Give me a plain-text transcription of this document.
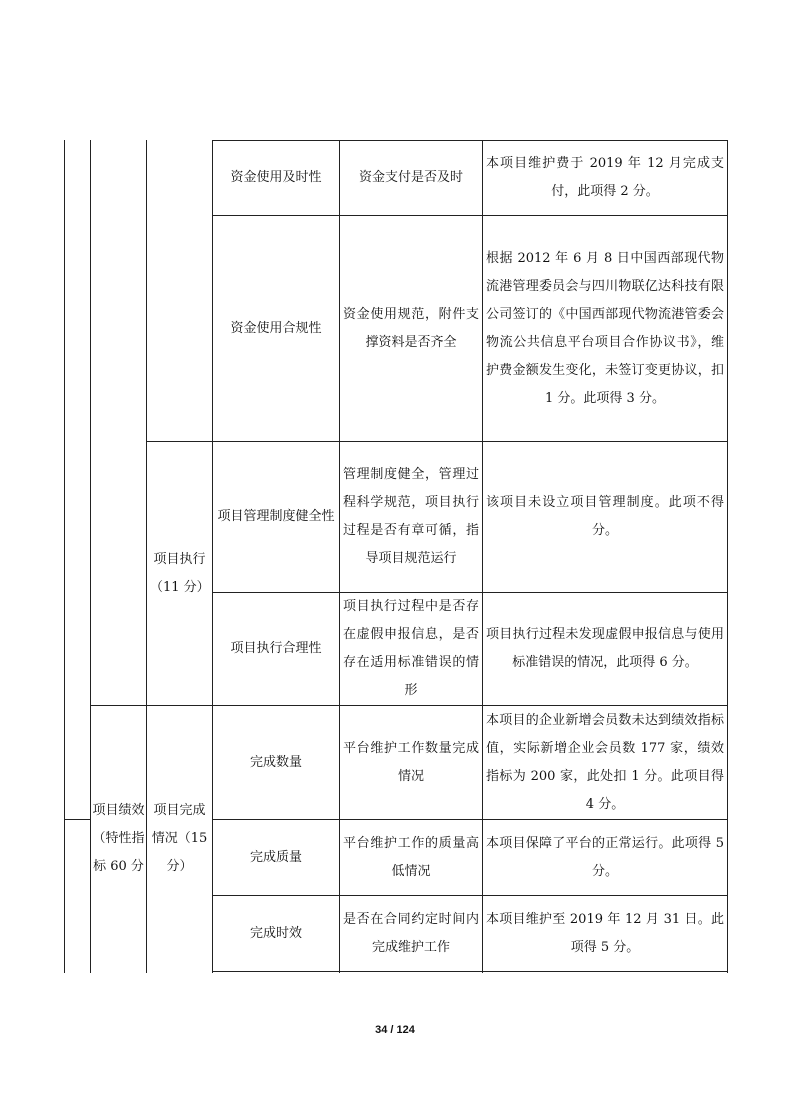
资金使用及时性	资金支付是否及时
本项目维护费于 2019 年 12 月完成支付，此项得 2 分。
资金使用合规性
资金使用规范，附件支撑资料是否齐全
根据 2012 年 6 月 8 日中国西部现代物流港管理委员会与四川物联亿达科技有限公司签订的《中国西部现代物流港管委会物流公共信息平台项目合作协议书》，维护费金额发生变化，未签订变更协议，扣 1 分。此项得 3 分。
项目管理制度健全性
管理制度健全，管理过程科学规范，项目执行过程是否有章可循，指导项目规范运行
该项目未设立项目管理制度。此项不得分。
项目执行合理性
项目执行过程中是否存在虚假申报信息，是否存在适用标准错误的情形
项目执行过程未发现虚假申报信息与使用标准错误的情况，此项得 6 分。
完成数量
平台维护工作数量完成情况
本项目的企业新增会员数未达到绩效指标值，实际新增企业会员数 177 家，绩效指标为 200 家，此处扣 1 分。此项目得 4 分。
完成质量
平台维护工作的质量高低情况
本项目保障了平台的正常运行。此项得 5 分。
完成时效
是否在合同约定时间内完成维护工作
本项目维护至 2019 年 12 月 31 日。此项得 5 分。
项目执行
（11 分）
项目完成
情况（15
分）
项目绩效
（特性指
标 60 分
34 / 124
